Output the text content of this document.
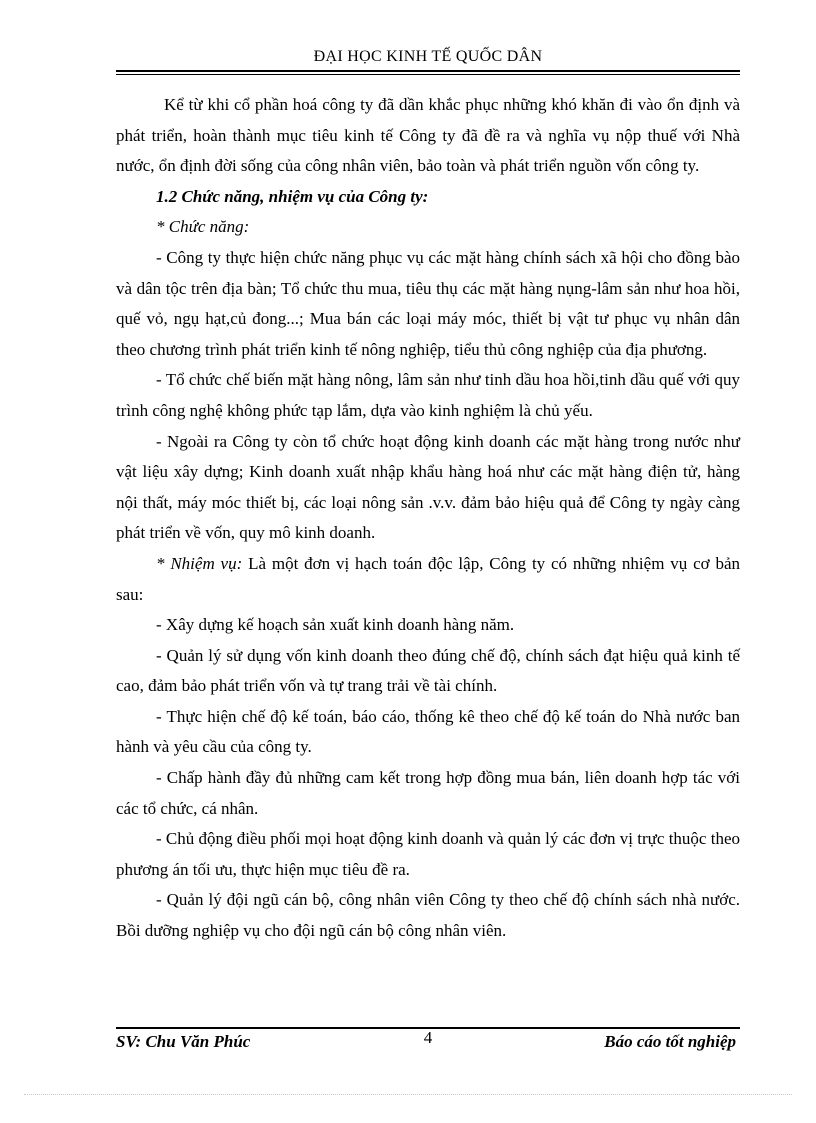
ĐẠI HỌC KINH TẾ QUỐC DÂN

Kể từ khi cổ phần hoá công ty đã dần khắc phục những khó khăn đi vào ổn định và phát triển, hoàn thành mục tiêu kinh tế Công ty đã đề ra và nghĩa vụ nộp thuế với Nhà nước, ổn định đời sống của công nhân viên, bảo toàn và phát triển nguồn vốn công ty.

1.2 Chức năng, nhiệm vụ của Công ty:

* Chức năng:

- Công ty thực hiện chức năng phục vụ các mặt hàng chính sách xã hội cho đồng bào và dân tộc trên địa bàn; Tổ chức thu mua, tiêu thụ các mặt hàng nụng-lâm sản như hoa hồi, quế vỏ, ngụ hạt,củ đong...; Mua bán các loại máy móc, thiết bị vật tư phục vụ nhân dân theo chương trình phát triển kinh tế nông nghiệp, tiểu thủ công nghiệp của địa phương.

- Tổ chức chế biến mặt hàng nông, lâm sản như tinh dầu hoa hồi,tinh dầu quế với quy trình công nghệ không phức tạp lắm, dựa vào kinh nghiệm là chủ yếu.

- Ngoài ra Công ty còn tổ chức hoạt động kinh doanh các mặt hàng trong nước như vật liệu xây dựng; Kinh doanh xuất nhập khẩu hàng hoá như các mặt hàng điện tử, hàng nội thất, máy móc thiết bị, các loại nông sản .v.v. đảm bảo hiệu quả để Công ty ngày càng phát triển về vốn, quy mô kinh doanh.

* Nhiệm vụ: Là một đơn vị hạch toán độc lập, Công ty có những nhiệm vụ cơ bản sau:

- Xây dựng kế hoạch sản xuất kinh doanh hàng năm.

- Quản lý sử dụng vốn kinh doanh theo đúng chế độ, chính sách đạt hiệu quả kinh tế cao, đảm bảo phát triển vốn và tự trang trải về tài chính.

- Thực hiện chế độ kế toán, báo cáo, thống kê theo chế độ kế toán do Nhà nước ban hành và yêu cầu của công ty.

- Chấp hành đầy đủ những cam kết trong hợp đồng mua bán, liên doanh hợp tác với các tổ chức, cá nhân.

- Chủ động điều phối mọi hoạt động kinh doanh và quản lý các đơn vị trực thuộc theo phương án tối ưu, thực hiện mục tiêu đề ra.

- Quản lý đội ngũ cán bộ, công nhân viên Công ty theo chế độ chính sách nhà nước. Bồi dưỡng nghiệp vụ cho đội ngũ cán bộ công nhân viên.

SV: Chu Văn Phúc	4	Báo cáo tốt nghiệp
